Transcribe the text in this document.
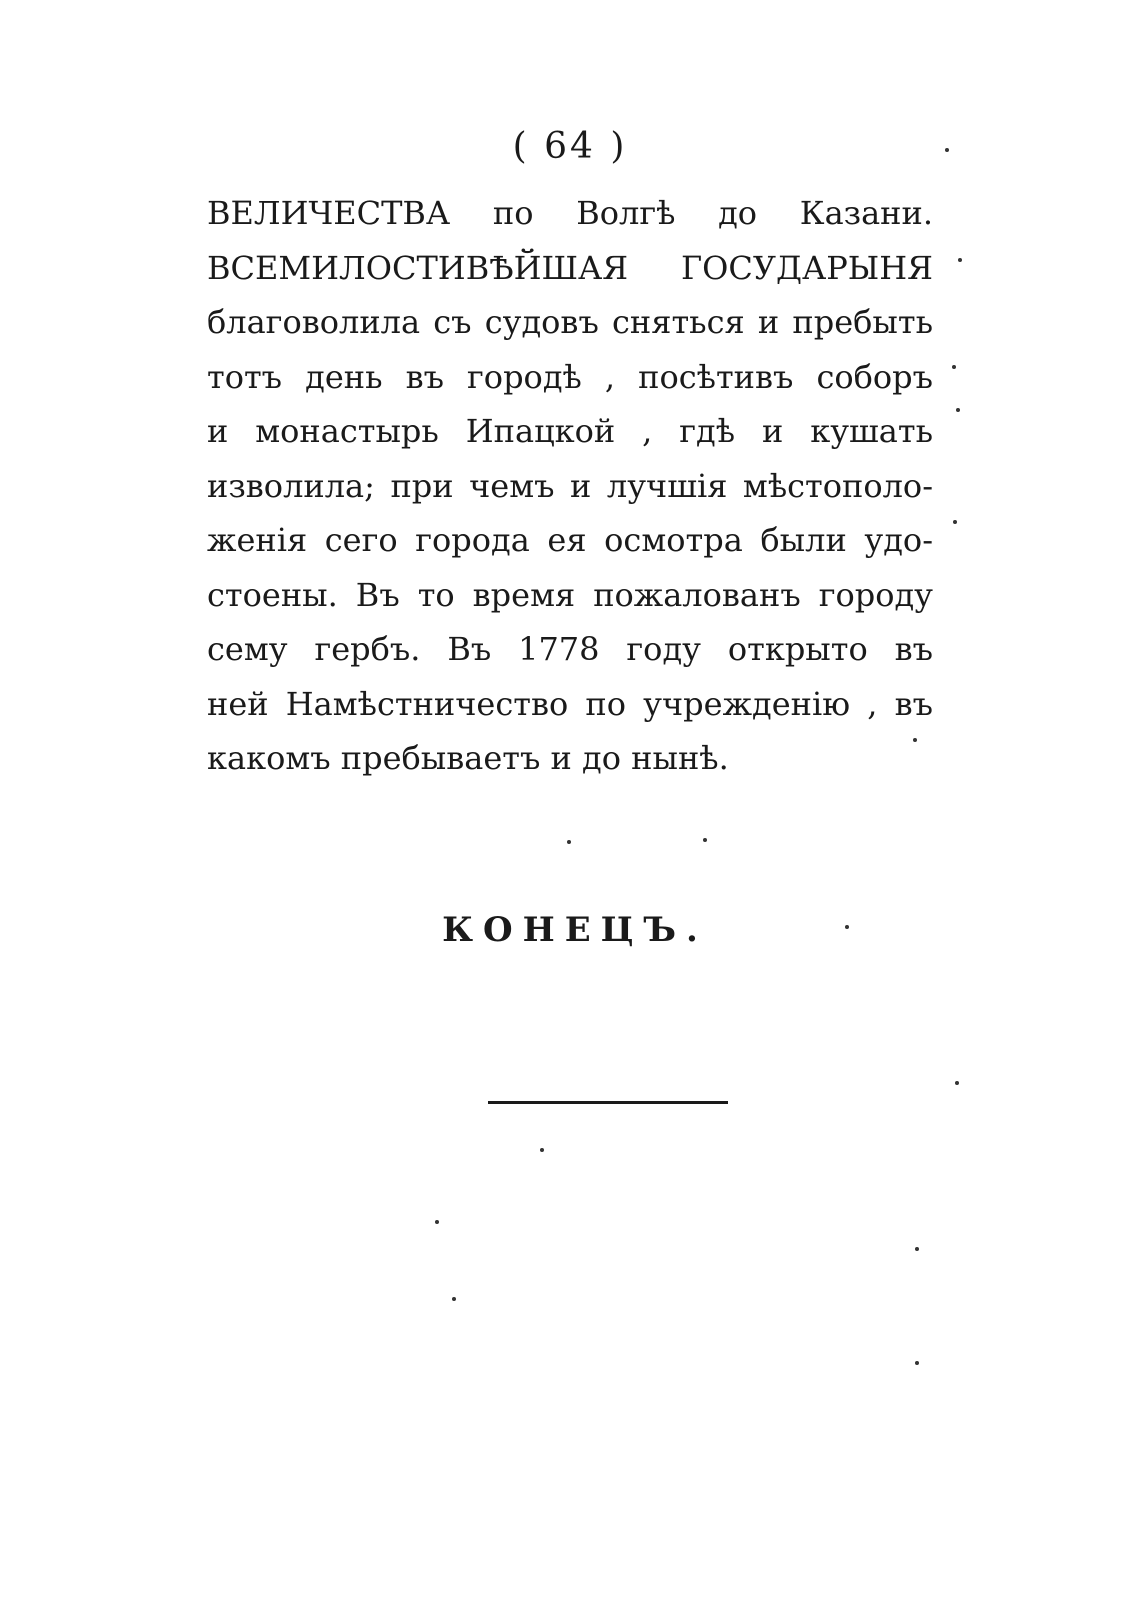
( 64 )
ВЕЛИЧЕСТВА по Волгѣ до Казани.
ВСЕМИЛОСТИВѢЙШАЯ ГОСУДАРЫНЯ
благоволила съ судовъ сняться и пребыть
тотъ день въ городѣ , посѣтивъ соборъ
и монастырь Ипацкой , гдѣ и кушать
изволила; при чемъ и лучшiя мѣстополо-
женiя сего города ея осмотра были удо-
стоены. Въ то время пожалованъ городу
сему гербъ. Въ 1778 году открыто въ
ней Намѣстничество по учрежденiю , въ
какомъ пребываетъ и до нынѣ.
КОНЕЦЪ.
